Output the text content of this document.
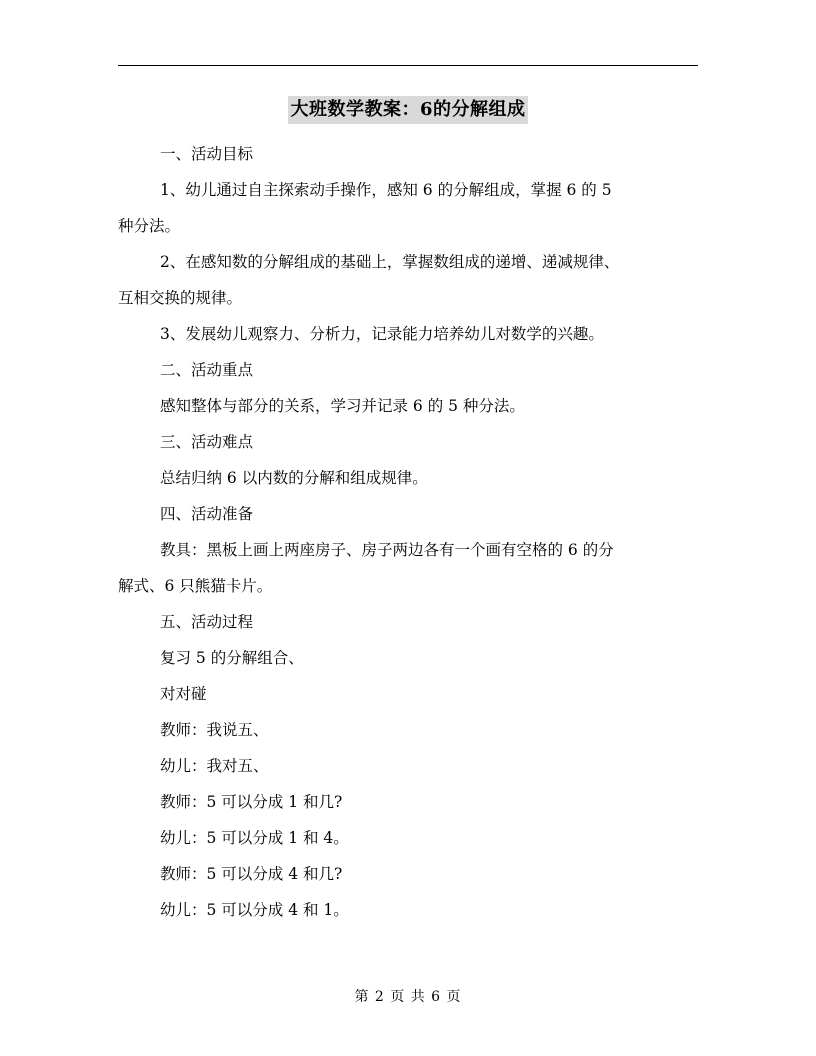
大班数学教案：6的分解组成
一、活动目标
1、幼儿通过自主探索动手操作，感知 6 的分解组成，掌握 6 的 5
种分法。
2、在感知数的分解组成的基础上，掌握数组成的递增、递减规律、
互相交换的规律。
3、发展幼儿观察力、分析力，记录能力培养幼儿对数学的兴趣。
二、活动重点
感知整体与部分的关系，学习并记录 6 的 5 种分法。
三、活动难点
总结归纳 6 以内数的分解和组成规律。
四、活动准备
教具：黑板上画上两座房子、房子两边各有一个画有空格的 6 的分
解式、6 只熊猫卡片。
五、活动过程
复习 5 的分解组合、
对对碰
教师：我说五、
幼儿：我对五、
教师：5 可以分成 1 和几?
幼儿：5 可以分成 1 和 4。
教师：5 可以分成 4 和几?
幼儿：5 可以分成 4 和 1。
第 2 页 共 6 页
